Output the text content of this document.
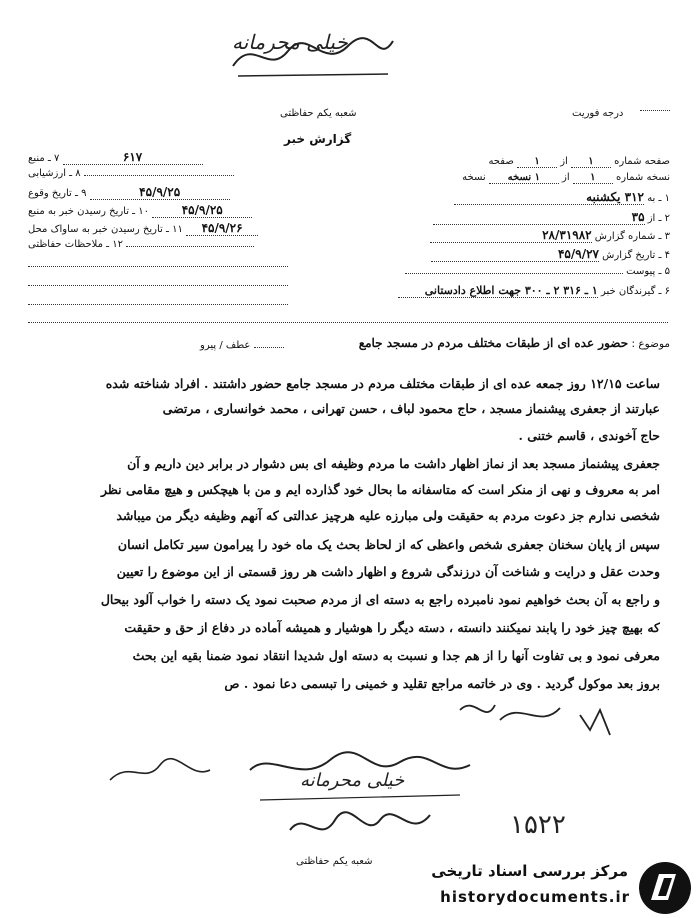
خیلی محرمانه
شعبه یکم حفاظتی
گزارش خبر
درجه فوریت
صفحه شماره ۱ از ۱ صفحه
نسخه شماره ۱ از ۱ نسخه نسخه
۱ ـ به ۳۱۲ یکشنبه
۲ ـ از ۳۵
۳ ـ شماره گزارش ۲۸/۳۱۹۸۲
۴ ـ تاریخ گزارش ۴۵/۹/۲۷
۵ ـ پیوست
۶ ـ گیرندگان خبر ۱ ـ ۳۱۶ ۲ ـ ۳۰۰ جهت اطلاع دادستانی
۶۱۷ ۷ ـ منبع
۸ ـ ارزشیابی
۴۵/۹/۲۵ ۹ ـ تاریخ وقوع
۴۵/۹/۲۵ ۱۰ ـ تاریخ رسیدن خبر به منبع
۴۵/۹/۲۶ ۱۱ ـ تاریخ رسیدن خبر به ساواک محل
۱۲ ـ ملاحظات حفاظتی
موضوع : حضور عده ای از طبقات مختلف مردم در مسجد جامع
عطف / پیرو
ساعت ۱۲/۱۵ روز جمعه عده ای از طبقات مختلف مردم در مسجد جامع حضور داشتند . افراد شناخته شده
عبارتند از جعفری پیشنماز مسجد ، حاج محمود لباف ، حسن تهرانی ، محمد خوانساری ، مرتضی
حاج آخوندی ، قاسم ختنی .
جعفری پیشنماز مسجد بعد از نماز اظهار داشت ما مردم وظیفه ای بس دشوار در برابر دین داریم و آن
امر به معروف و نهی از منکر است که متاسفانه ما بحال خود گذارده ایم و من با هیچکس و هیچ مقامی نظر
شخصی ندارم جز دعوت مردم به حقیقت ولی مبارزه علیه هرچیز عدالتی که آنهم وظیفه دیگر من میباشد
سپس از پایان سخنان جعفری شخص واعظی که از لحاظ بحث یک ماه خود را پیرامون سیر تکامل انسان
وحدت عقل و درایت و شناخت آن درزندگی شروع و اظهار داشت هر روز قسمتی از این موضوع را تعیین
و راجع به آن بحث خواهیم نمود نامبرده راجع به دسته ای از مردم صحبت نمود یک دسته را خواب آلود بیحال
که بهیچ چیز خود را پابند نمیکنند دانسته ، دسته دیگر را هوشیار و همیشه آماده در دفاع از حق و حقیقت
معرفی نمود و بی تفاوت آنها را از هم جدا و نسبت به دسته اول شدیدا انتقاد نمود ضمنا بقیه این بحث
بروز بعد موکول گردید . وی در خاتمه مراجع تقلید و خمینی را تبسمی دعا نمود . ص
خیلی محرمانه
۱۵۲۲
شعبه یکم حفاظتی
مرکز بررسی اسناد تاریخی
historydocuments.ir
